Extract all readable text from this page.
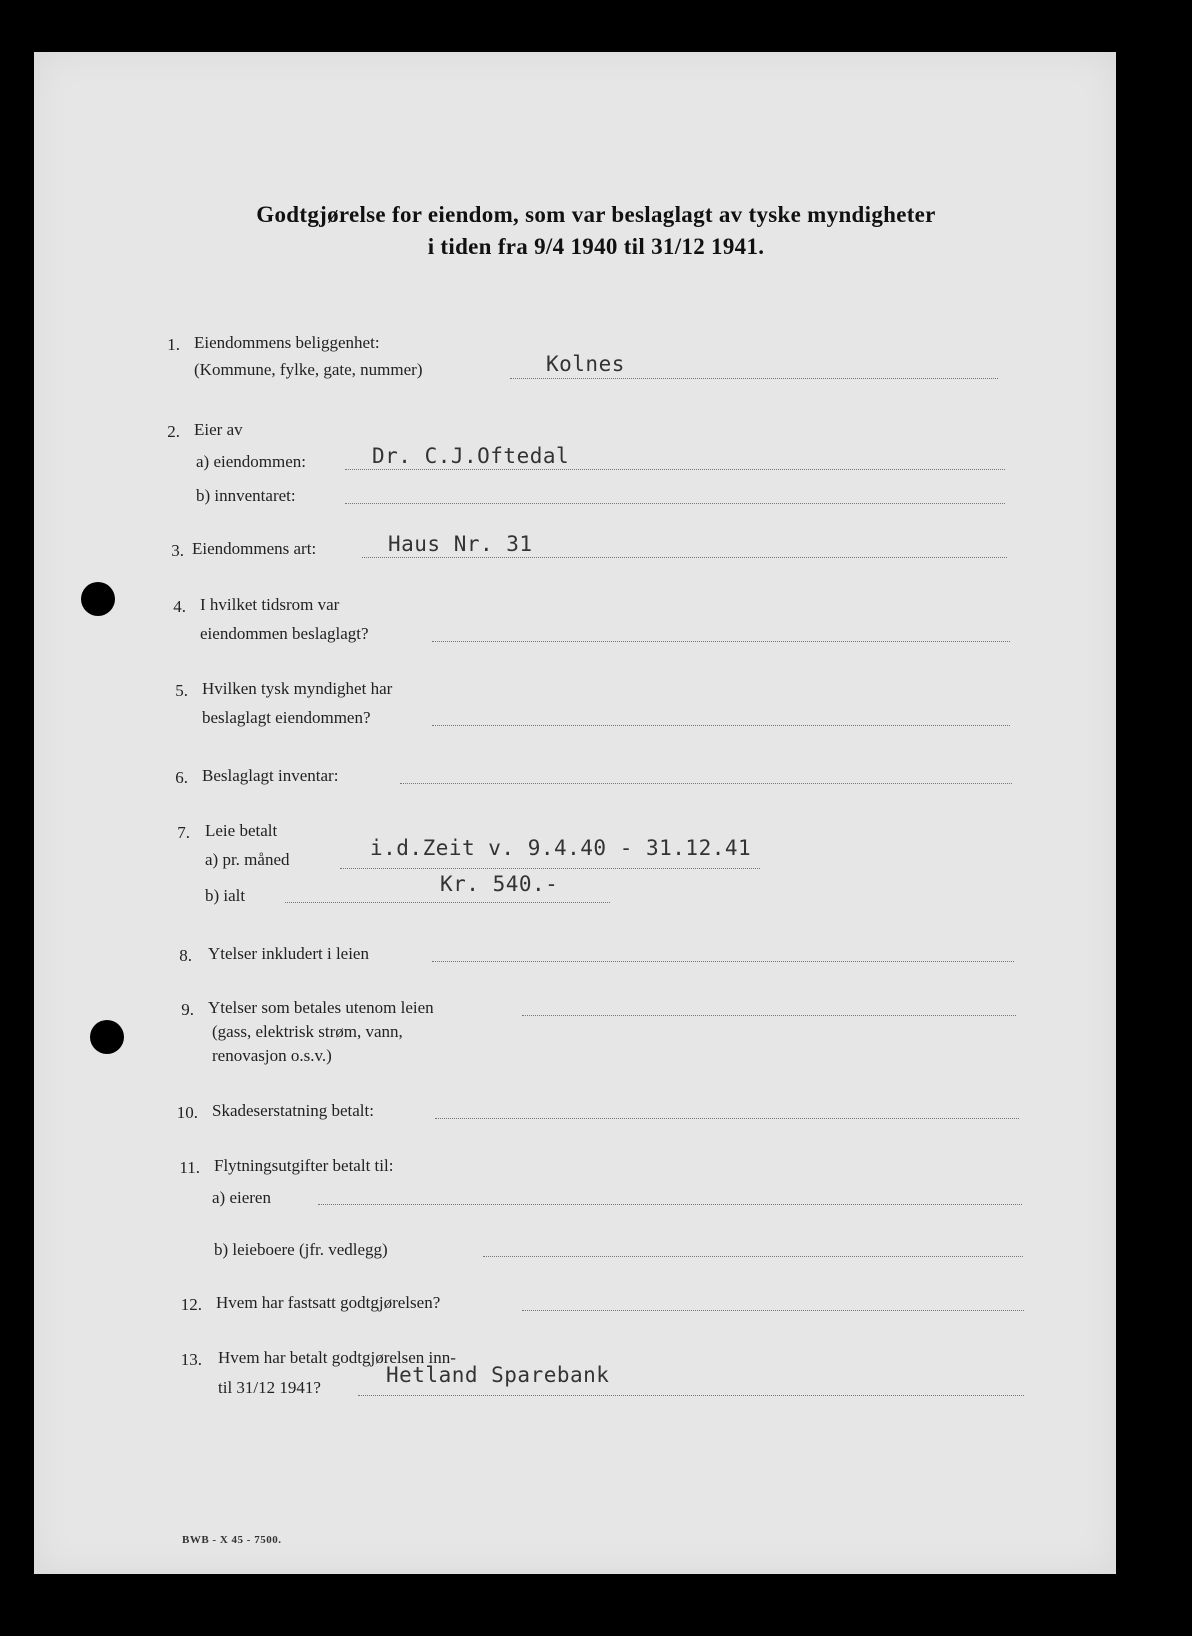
Godtgjørelse for eiendom, som var beslaglagt av tyske myndigheter
i tiden fra 9/4 1940 til 31/12 1941.
1. Eiendommens beliggenhet:
(Kommune, fylke, gate, nummer)	Kolnes
2. Eier av
a) eiendommen:	Dr. C.J.Oftedal
b) innventaret:
3. Eiendommens art:	Haus Nr. 31
4. I hvilket tidsrom var
eiendommen beslaglagt?
5. Hvilken tysk myndighet har
beslaglagt eiendommen?
6. Beslaglagt inventar:
7. Leie betalt
a) pr. måned	i.d.Zeit v. 9.4.40 - 31.12.41
b) ialt	Kr. 540.-
8. Ytelser inkludert i leien
9. Ytelser som betales utenom leien
(gass, elektrisk strøm, vann,
renovasjon o.s.v.)
10. Skadeserstatning betalt:
11. Flytningsutgifter betalt til:
a) eieren
b) leieboere (jfr. vedlegg)
12. Hvem har fastsatt godtgjørelsen?
13. Hvem har betalt godtgjørelsen inn-
til 31/12 1941?
Hetland Sparebank
BWB - X 45 - 7500.
